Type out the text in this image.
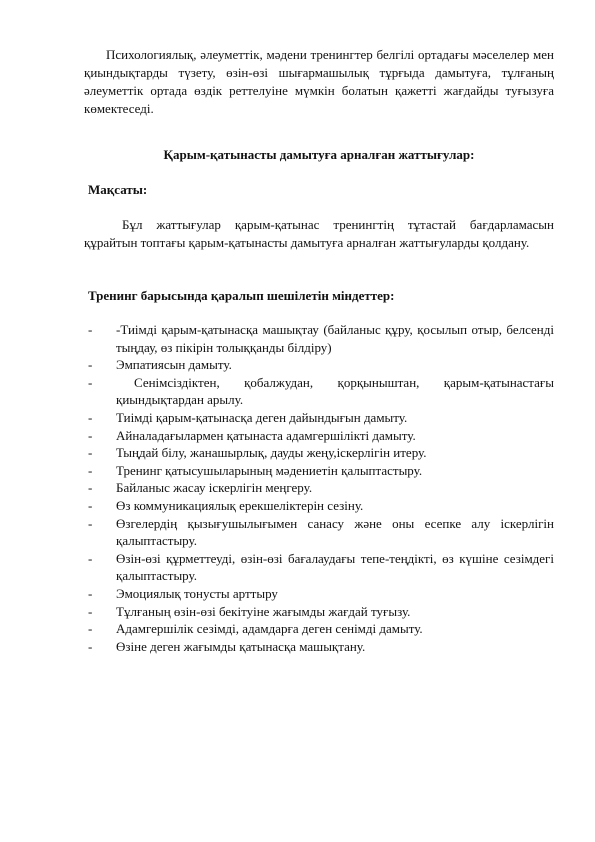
Психологиялық, әлеуметтік, мәдени тренингтер белгілі ортадағы мәселелер мен қиындықтарды түзету, өзін-өзі шығармашылық тұрғыда дамытуға, тұлғаның әлеуметтік ортада өздік реттелуіне мүмкін болатын қажетті жағдайды туғызуға көмектеседі.

Қарым-қатынасты дамытуға арналған жаттығулар:

Мақсаты:

Бұл жаттығулар қарым-қатынас тренингтің тұтастай бағдарламасын құрайтын топтағы қарым-қатынасты дамытуға арналған жаттығуларды қолдану.

Тренинг барысында қаралып шешілетін міндеттер:

- -Тиімді қарым-қатынасқа машықтау (байланыс құру, қосылып отыр, белсенді тыңдау, өз пікірін толыққанды білдіру)
- Эмпатиясын дамыту.
-	Сенімсіздіктен, қобалжудан, қорқыныштан, қарым-қатынастағы қиындықтардан арылу.
- Тиімді қарым-қатынасқа деген дайындығын дамыту.
- Айналадағылармен қатынаста адамгершілікті дамыту.
- Тыңдай білу, жанашырлық, дауды жеңу,іскерлігін итеру.
- Тренинг қатысушыларының мәдениетін қалыптастыру.
- Байланыс жасау іскерлігін меңгеру.
- Өз коммуникациялық ерекшеліктерін сезіну.
- Өзгелердің қызығушылығымен санасу және оны есепке алу іскерлігін қалыптастыру.
- Өзін-өзі құрметтеуді, өзін-өзі бағалаудағы тепе-теңдікті, өз күшіне сезімдегі қалыптастыру.
- Эмоциялық тонусты арттыру
- Тұлғаның өзін-өзі бекітуіне жағымды жағдай туғызу.
- Адамгершілік сезімді, адамдарға деген сенімді дамыту.
- Өзіне деген жағымды қатынасқа машықтану.
